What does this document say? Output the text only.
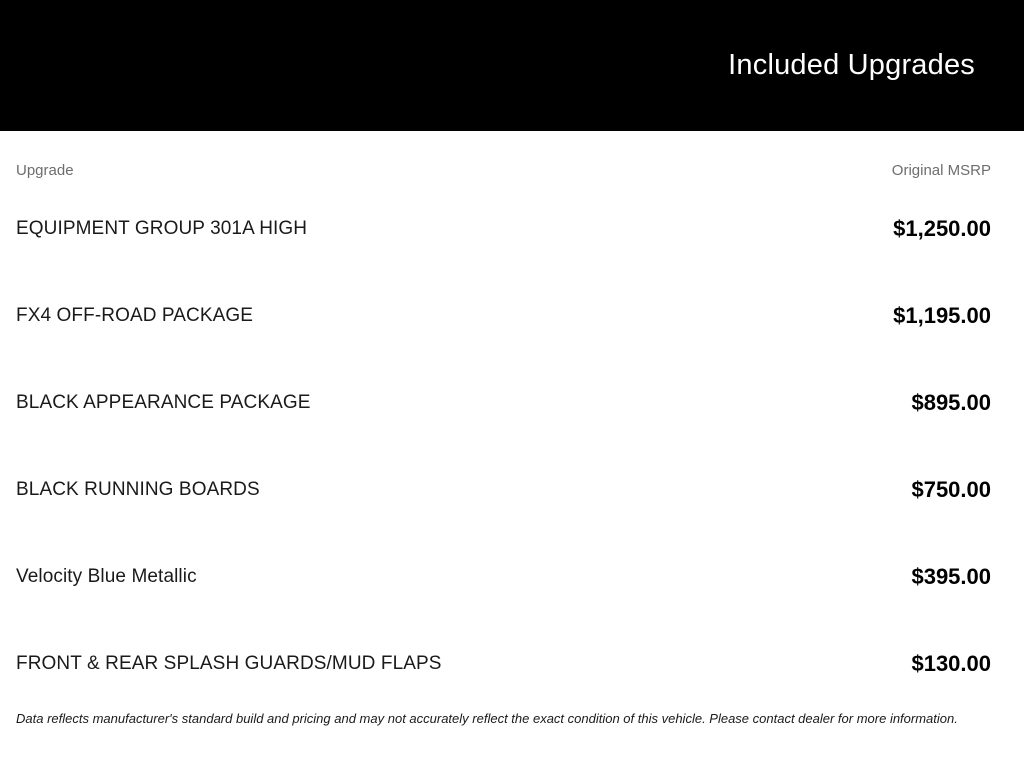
Included Upgrades
Upgrade	Original MSRP
EQUIPMENT GROUP 301A HIGH	$1,250.00
FX4 OFF-ROAD PACKAGE	$1,195.00
BLACK APPEARANCE PACKAGE	$895.00
BLACK RUNNING BOARDS	$750.00
Velocity Blue Metallic	$395.00
FRONT & REAR SPLASH GUARDS/MUD FLAPS	$130.00
Data reflects manufacturer's standard build and pricing and may not accurately reflect the exact condition of this vehicle. Please contact dealer for more information.
